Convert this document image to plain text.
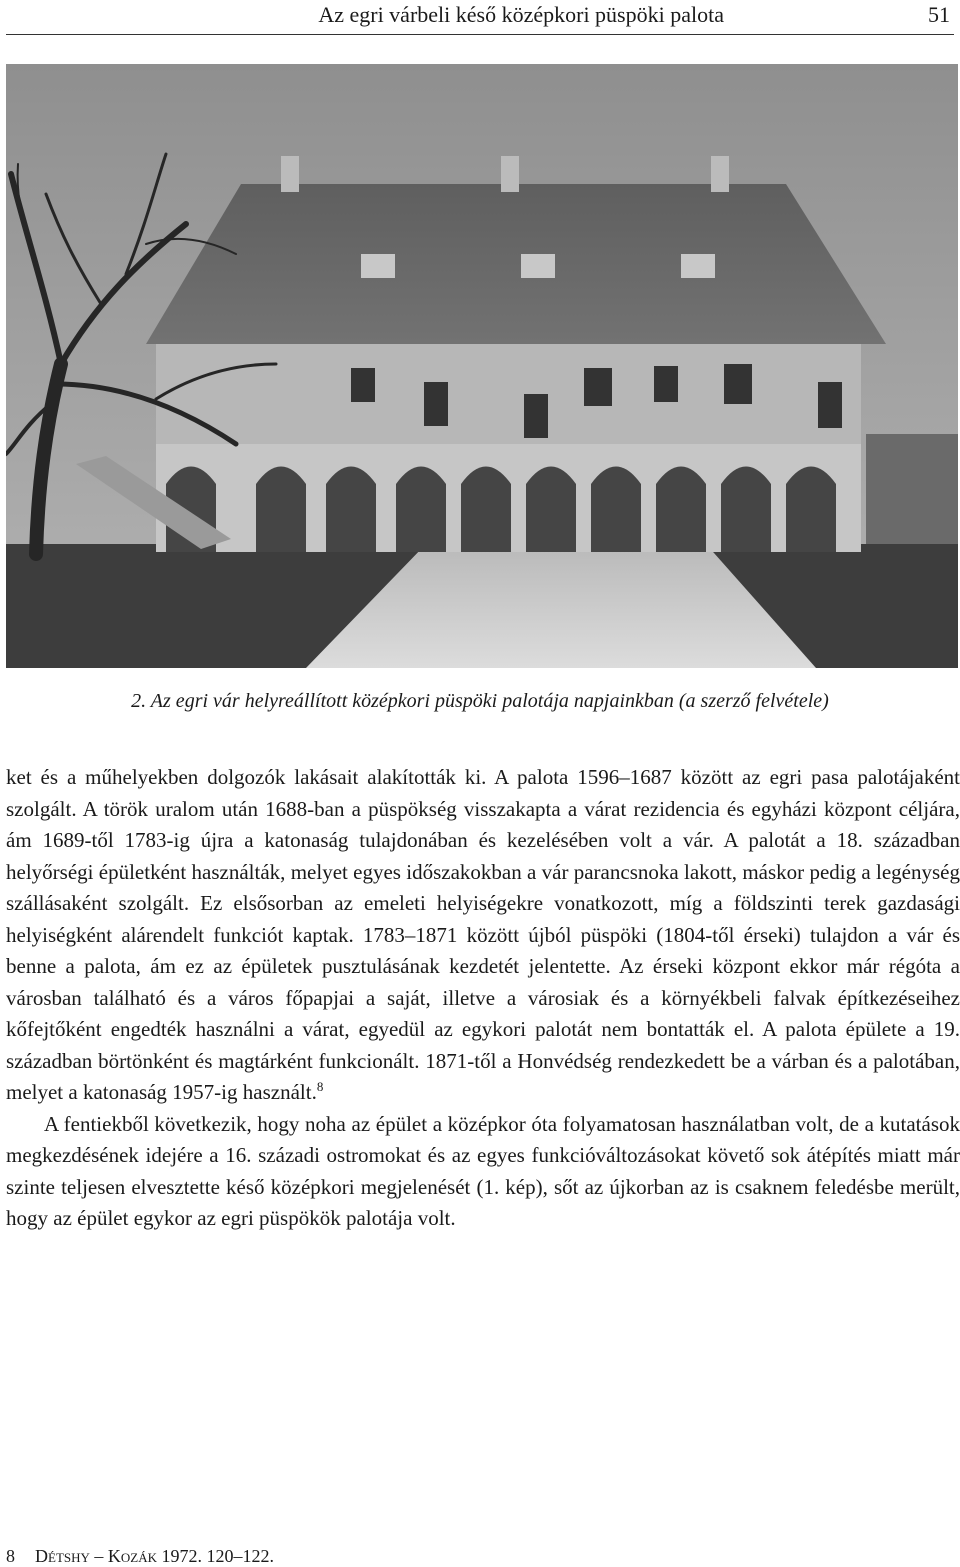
Az egri várbeli késő középkori püspöki palota	51
2. Az egri vár helyreállított középkori püspöki palotája napjainkban (a szerző felvétele)

ket és a műhelyekben dolgozók lakásait alakították ki. A palota 1596–1687 között az egri pasa palotájaként szolgált. A török uralom után 1688-ban a püspökség visszakapta a várat rezidencia és egyházi központ céljára, ám 1689-től 1783-ig újra a katonaság tulajdonában és kezelésében volt a vár. A palotát a 18. században helyőrségi épületként használták, melyet egyes időszakokban a vár parancsnoka lakott, máskor pedig a legénység szállásaként szolgált. Ez elsősorban az emeleti helyiségekre vonatkozott, míg a földszinti terek gazdasági helyiségként alárendelt funkciót kaptak. 1783–1871 között újból püspöki (1804-től érseki) tulajdon a vár és benne a palota, ám ez az épületek pusztulásának kezdetét jelentette. Az érseki központ ekkor már régóta a városban található és a város főpapjai a saját, illetve a városiak és a környékbeli falvak építkezéseihez kőfejtőként engedték használni a várat, egyedül az egykori palotát nem bontatták el. A palota épülete a 19. században börtönként és magtárként funkcionált. 1871-től a Honvédség rendezkedett be a várban és a palotában, melyet a katonaság 1957-ig használt.$^8$

A fentiekből következik, hogy noha az épület a középkor óta folyamatosan használatban volt, de a kutatások megkezdésének idejére a 16. századi ostromokat és az egyes funkcióváltozásokat követő sok átépítés miatt már szinte teljesen elvesztette késő középkori megjelenését (1. kép), sőt az újkorban az is csaknem feledésbe merült, hogy az épület egykor az egri püspökök palotája volt.

8 Détshy – Kozák 1972. 120–122.
